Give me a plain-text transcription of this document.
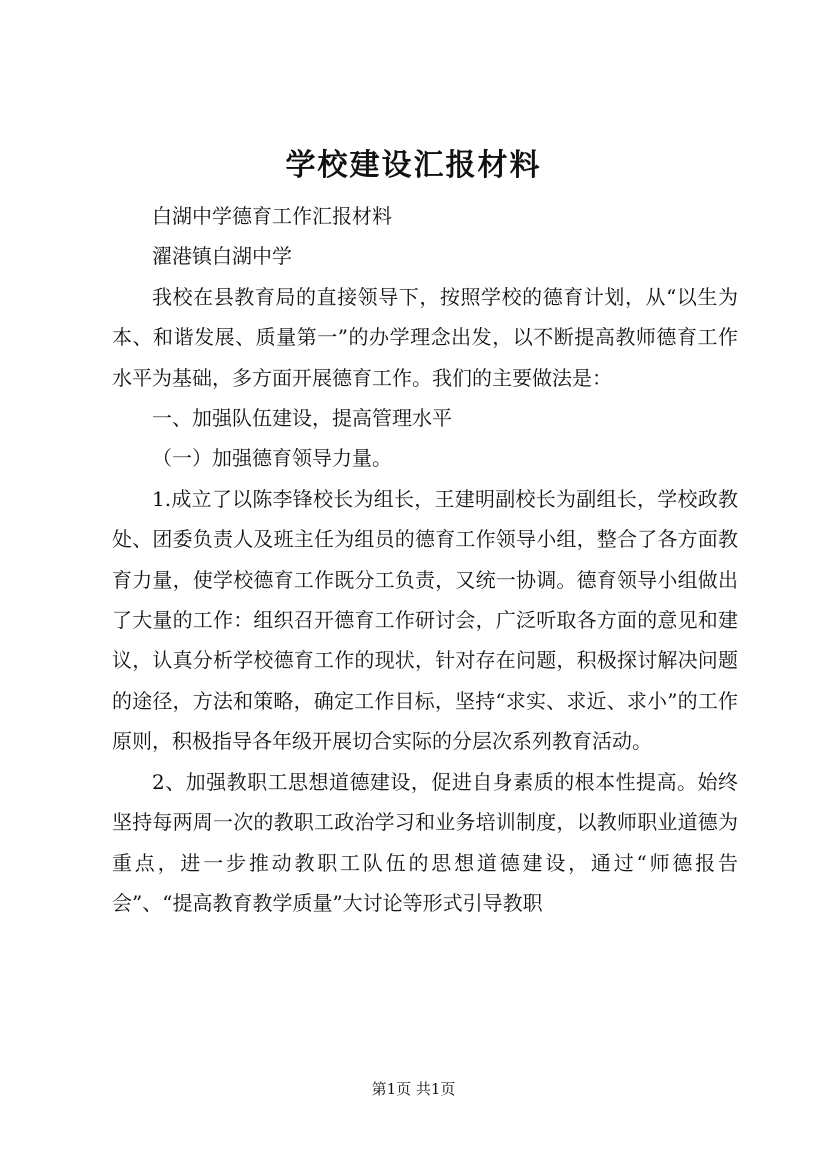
学校建设汇报材料

白湖中学德育工作汇报材料

濯港镇白湖中学

我校在县教育局的直接领导下，按照学校的德育计划，从“以生为本、和谐发展、质量第一”的办学理念出发，以不断提高教师德育工作水平为基础，多方面开展德育工作。我们的主要做法是：

一、加强队伍建设，提高管理水平

（一）加强德育领导力量。

1.成立了以陈李锋校长为组长，王建明副校长为副组长，学校政教处、团委负责人及班主任为组员的德育工作领导小组，整合了各方面教育力量，使学校德育工作既分工负责，又统一协调。德育领导小组做出了大量的工作：组织召开德育工作研讨会，广泛听取各方面的意见和建议，认真分析学校德育工作的现状，针对存在问题，积极探讨解决问题的途径，方法和策略，确定工作目标，坚持“求实、求近、求小”的工作原则，积极指导各年级开展切合实际的分层次系列教育活动。

2、加强教职工思想道德建设，促进自身素质的根本性提高。始终坚持每两周一次的教职工政治学习和业务培训制度，以教师职业道德为重点，进一步推动教职工队伍的思想道德建设，通过“师德报告会”、“提高教育教学质量”大讨论等形式引导教职

第1页 共1页
